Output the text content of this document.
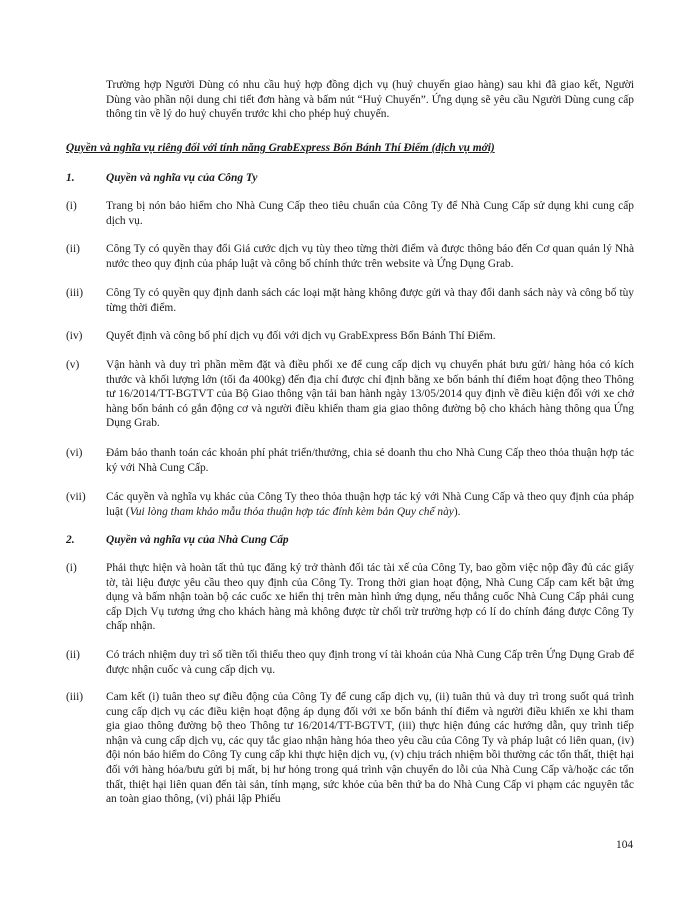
Trường hợp Người Dùng có nhu cầu huỷ hợp đồng dịch vụ (huỷ chuyến giao hàng) sau khi đã giao kết, Người Dùng vào phần nội dung chi tiết đơn hàng và bấm nút “Huỷ Chuyến”. Ứng dụng sẽ yêu cầu Người Dùng cung cấp thông tin về lý do huỷ chuyến trước khi cho phép huỷ chuyến.

Quyền và nghĩa vụ riêng đối với tính năng GrabExpress Bốn Bánh Thí Điểm (dịch vụ mới)
1.	Quyền và nghĩa vụ của Công Ty
(i)	Trang bị nón bảo hiểm cho Nhà Cung Cấp theo tiêu chuẩn của Công Ty để Nhà Cung Cấp sử dụng khi cung cấp dịch vụ.
(ii) Công Ty có quyền thay đổi Giá cước dịch vụ tùy theo từng thời điểm và được thông báo đến Cơ quan quản lý Nhà nước theo quy định của pháp luật và công bố chính thức trên website và Ứng Dụng Grab.
(iii) Công Ty có quyền quy định danh sách các loại mặt hàng không được gửi và thay đổi danh sách này và công bố tùy từng thời điểm.
(iv) Quyết định và công bố phí dịch vụ đối với dịch vụ GrabExpress Bốn Bánh Thí Điểm.
(v) Vận hành và duy trì phần mềm đặt và điều phối xe để cung cấp dịch vụ chuyển phát bưu gửi/ hàng hóa có kích thước và khối lượng lớn (tối đa 400kg) đến địa chỉ được chỉ định bằng xe bốn bánh thí điểm hoạt động theo Thông tư 16/2014/TT-BGTVT của Bộ Giao thông vận tải ban hành ngày 13/05/2014 quy định về điều kiện đối với xe chở hàng bốn bánh có gắn động cơ và người điều khiển tham gia giao thông đường bộ cho khách hàng thông qua Ứng Dụng Grab.
(vi) Đảm bảo thanh toán các khoản phí phát triển/thưởng, chia sẻ doanh thu cho Nhà Cung Cấp theo thỏa thuận hợp tác ký với Nhà Cung Cấp.
(vii) Các quyền và nghĩa vụ khác của Công Ty theo thỏa thuận hợp tác ký với Nhà Cung Cấp và theo quy định của pháp luật (Vui lòng tham khảo mẫu thỏa thuận hợp tác đính kèm bản Quy chế này).
2.	Quyền và nghĩa vụ của Nhà Cung Cấp
(i)	Phải thực hiện và hoàn tất thủ tục đăng ký trở thành đối tác tài xế của Công Ty, bao gồm việc nộp đầy đủ các giấy tờ, tài liệu được yêu cầu theo quy định của Công Ty. Trong thời gian hoạt động, Nhà Cung Cấp cam kết bật ứng dụng và bấm nhận toàn bộ các cuốc xe hiển thị trên màn hình ứng dụng, nếu thắng cuốc Nhà Cung Cấp phải cung cấp Dịch Vụ tương ứng cho khách hàng mà không được từ chối trừ trường hợp có lí do chính đáng được Công Ty chấp nhận.
(ii) Có trách nhiệm duy trì số tiền tối thiểu theo quy định trong ví tài khoản của Nhà Cung Cấp trên Ứng Dụng Grab để được nhận cuốc và cung cấp dịch vụ.
(iii) Cam kết (i) tuân theo sự điều động của Công Ty để cung cấp dịch vụ, (ii) tuân thủ và duy trì trong suốt quá trình cung cấp dịch vụ các điều kiện hoạt động áp dụng đối với xe bốn bánh thí điểm và người điều khiển xe khi tham gia giao thông đường bộ theo Thông tư 16/2014/TT-BGTVT, (iii) thực hiện đúng các hướng dẫn, quy trình tiếp nhận và cung cấp dịch vụ, các quy tắc giao nhận hàng hóa theo yêu cầu của Công Ty và pháp luật có liên quan, (iv) đội nón bảo hiểm do Công Ty cung cấp khi thực hiện dịch vụ, (v) chịu trách nhiệm bồi thường các tổn thất, thiệt hại đối với hàng hóa/bưu gửi bị mất, bị hư hỏng trong quá trình vận chuyển do lỗi của Nhà Cung Cấp và/hoặc các tổn thất, thiệt hại liên quan đến tài sản, tính mạng, sức khỏe của bên thứ ba do Nhà Cung Cấp vi phạm các nguyên tắc an toàn giao thông, (vi) phải lập Phiếu
104
